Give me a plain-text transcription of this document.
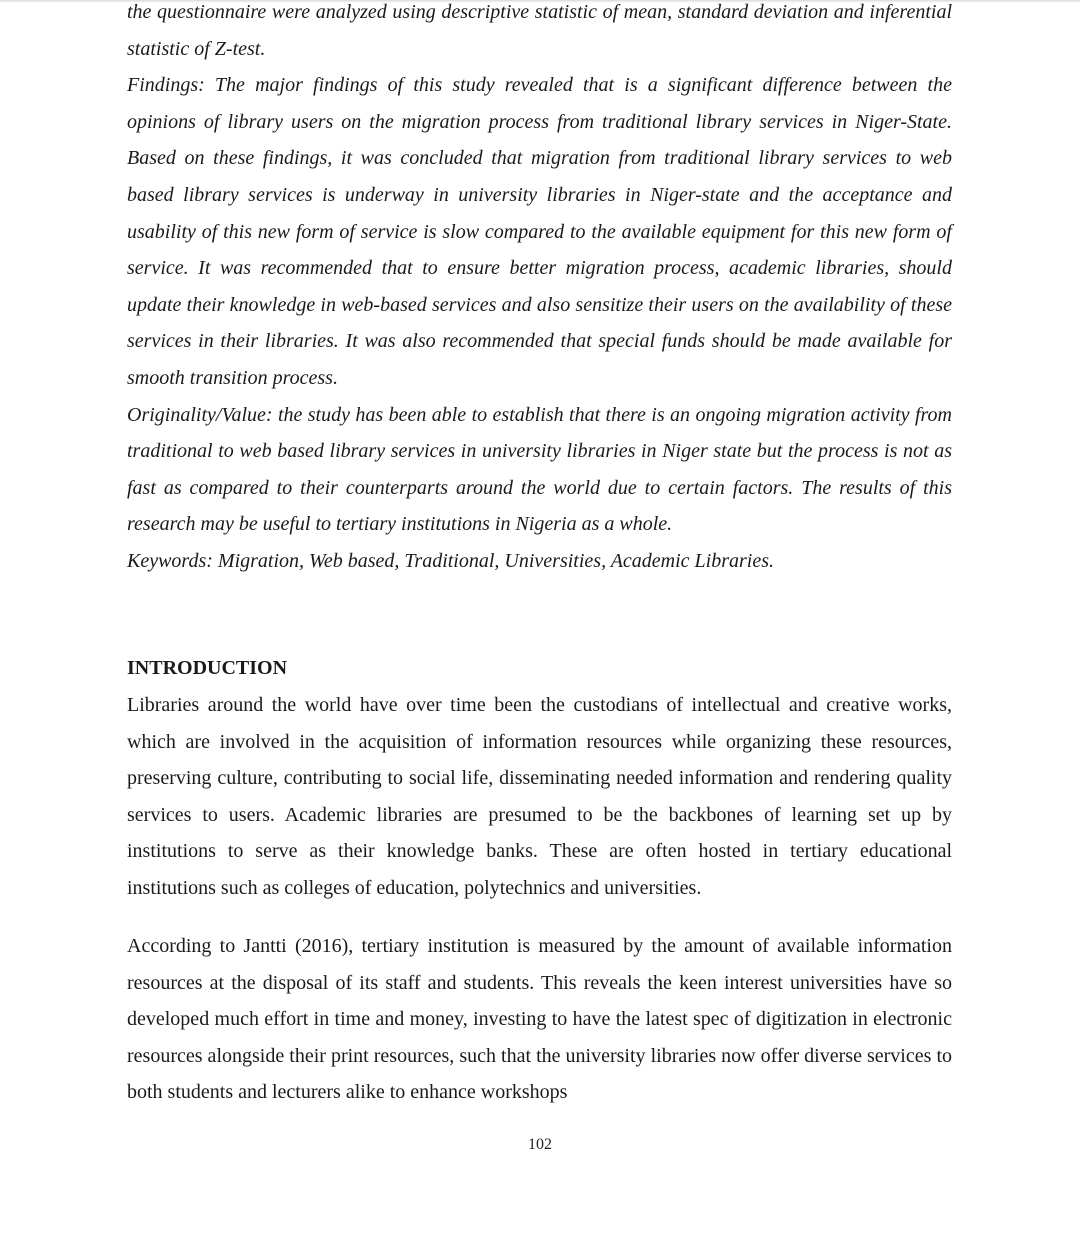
the questionnaire were analyzed using descriptive statistic of mean, standard deviation and inferential statistic of Z-test.

Findings: The major findings of this study revealed that is a significant difference between the opinions of library users on the migration process from traditional library services in Niger-State. Based on these findings, it was concluded that migration from traditional library services to web based library services is underway in university libraries in Niger-state and the acceptance and usability of this new form of service is slow compared to the available equipment for this new form of service. It was recommended that to ensure better migration process, academic libraries, should update their knowledge in web-based services and also sensitize their users on the availability of these services in their libraries. It was also recommended that special funds should be made available for smooth transition process.

Originality/Value: the study has been able to establish that there is an ongoing migration activity from traditional to web based library services in university libraries in Niger state but the process is not as fast as compared to their counterparts around the world due to certain factors. The results of this research may be useful to tertiary institutions in Nigeria as a whole.

Keywords: Migration, Web based, Traditional, Universities, Academic Libraries.

INTRODUCTION

Libraries around the world have over time been the custodians of intellectual and creative works, which are involved in the acquisition of information resources while organizing these resources, preserving culture, contributing to social life, disseminating needed information and rendering quality services to users. Academic libraries are presumed to be the backbones of learning set up by institutions to serve as their knowledge banks. These are often hosted in tertiary educational institutions such as colleges of education, polytechnics and universities.

According to Jantti (2016), tertiary institution is measured by the amount of available information resources at the disposal of its staff and students. This reveals the keen interest universities have so developed much effort in time and money, investing to have the latest spec of digitization in electronic resources alongside their print resources, such that the university libraries now offer diverse services to both students and lecturers alike to enhance workshops

102
